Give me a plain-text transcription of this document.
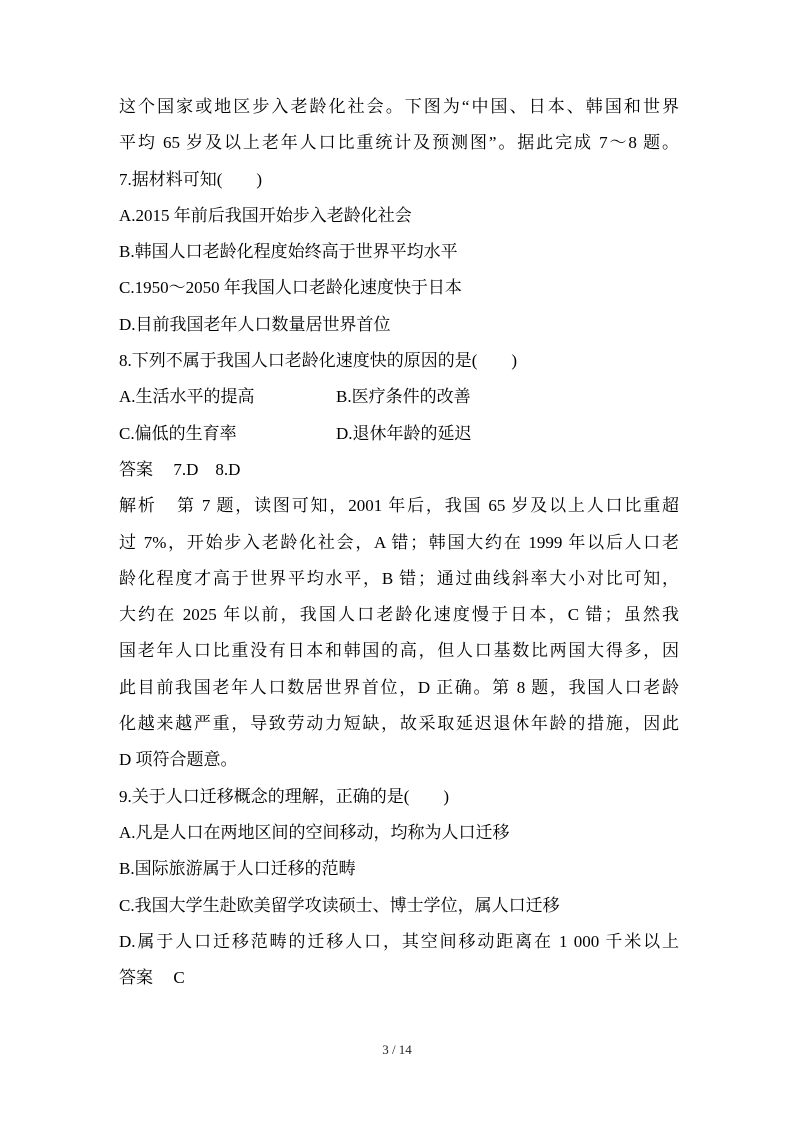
这个国家或地区步入老龄化社会。下图为“中国、日本、韩国和世界
平均 65 岁及以上老年人口比重统计及预测图”。据此完成 7～8 题。
7.据材料可知(　　)
A.2015 年前后我国开始步入老龄化社会
B.韩国人口老龄化程度始终高于世界平均水平
C.1950～2050 年我国人口老龄化速度快于日本
D.目前我国老年人口数量居世界首位
8.下列不属于我国人口老龄化速度快的原因的是(　　)
A.生活水平的提高	B.医疗条件的改善
C.偏低的生育率	D.退休年龄的延迟
答案 7.D　8.D
解析 第 7 题，读图可知，2001 年后，我国 65 岁及以上人口比重超
过 7%，开始步入老龄化社会，A 错；韩国大约在 1999 年以后人口老
龄化程度才高于世界平均水平，B 错；通过曲线斜率大小对比可知，
大约在 2025 年以前，我国人口老龄化速度慢于日本，C 错；虽然我
国老年人口比重没有日本和韩国的高，但人口基数比两国大得多，因
此目前我国老年人口数居世界首位，D 正确。第 8 题，我国人口老龄
化越来越严重，导致劳动力短缺，故采取延迟退休年龄的措施，因此
D 项符合题意。
9.关于人口迁移概念的理解，正确的是(　　)
A.凡是人口在两地区间的空间移动，均称为人口迁移
B.国际旅游属于人口迁移的范畴
C.我国大学生赴欧美留学攻读硕士、博士学位，属人口迁移
D.属于人口迁移范畴的迁移人口，其空间移动距离在 1 000 千米以上
答案 C
3 / 14
